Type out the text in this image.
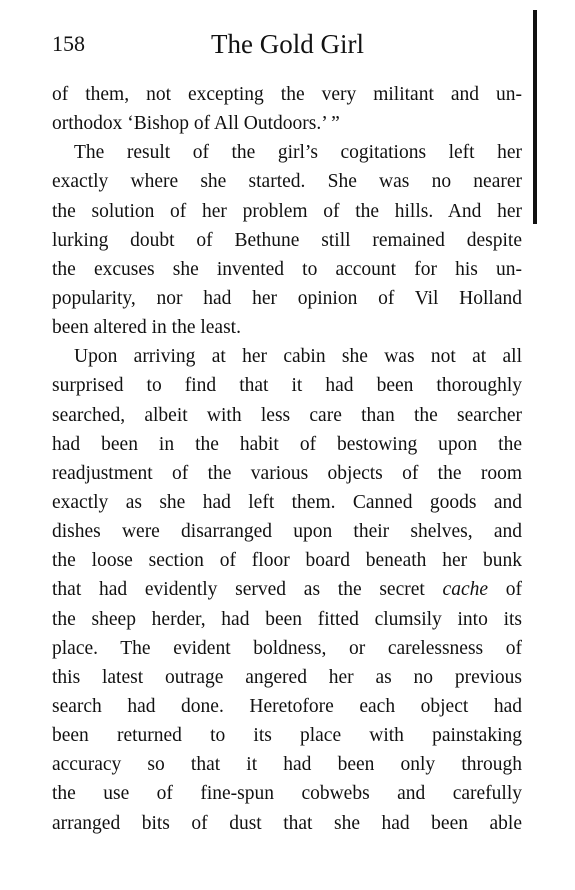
158	The Gold Girl
of them, not excepting the very militant and un-
orthodox ‘Bishop of All Outdoors.’ ”
The result of the girl’s cogitations left her
exactly where she started. She was no nearer
the solution of her problem of the hills. And her
lurking doubt of Bethune still remained despite
the excuses she invented to account for his un-
popularity, nor had her opinion of Vil Holland
been altered in the least.
Upon arriving at her cabin she was not at all
surprised to find that it had been thoroughly
searched, albeit with less care than the searcher
had been in the habit of bestowing upon the
readjustment of the various objects of the room
exactly as she had left them. Canned goods and
dishes were disarranged upon their shelves, and
the loose section of floor board beneath her bunk
that had evidently served as the secret cache of
the sheep herder, had been fitted clumsily into its
place. The evident boldness, or carelessness of
this latest outrage angered her as no previous
search had done. Heretofore each object had
been returned to its place with painstaking
accuracy so that it had been only through
the use of fine-spun cobwebs and carefully
arranged bits of dust that she had been able
